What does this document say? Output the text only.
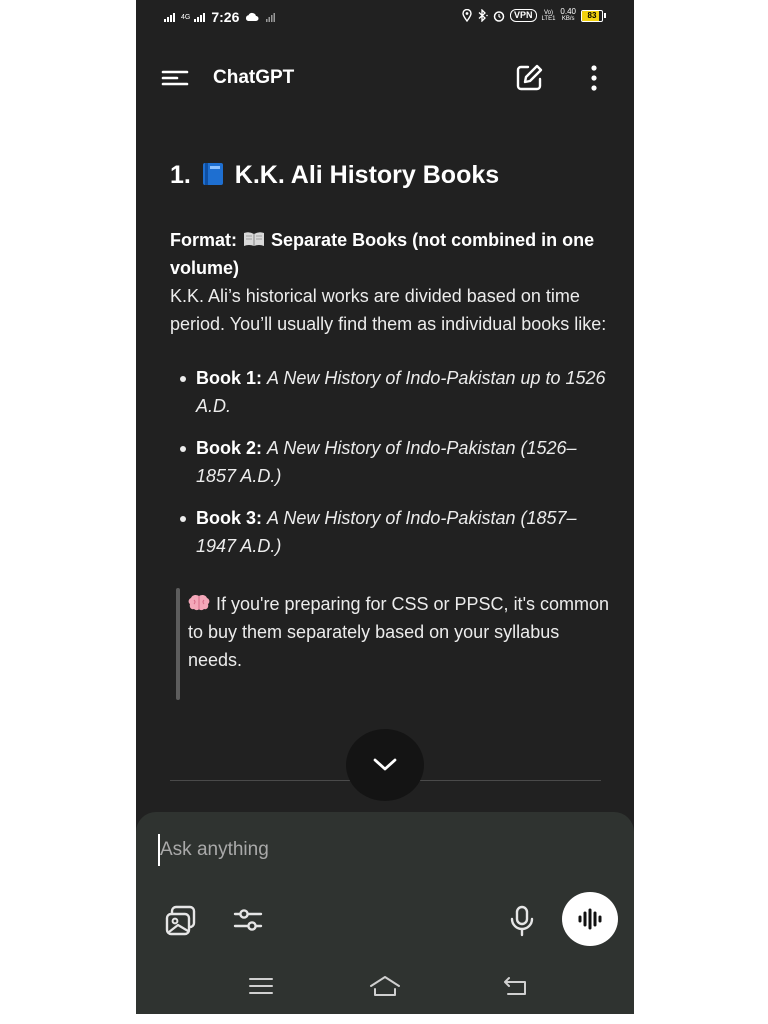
4G 7:26	VPN	Vo)
LTE1
0.40
KB/s	83
ChatGPT
1. K.K. Ali History Books

Format: Separate Books (not combined in one volume)

K.K. Ali’s historical works are divided based on time period. You’ll usually find them as individual books like:

Book 1: A New History of Indo-Pakistan up to 1526 A.D.
Book 2: A New History of Indo-Pakistan (1526–1857 A.D.)
Book 3: A New History of Indo-Pakistan (1857–1947 A.D.)
If you're preparing for CSS or PPSC, it's common to buy them separately based on your syllabus needs.
Ask anything
